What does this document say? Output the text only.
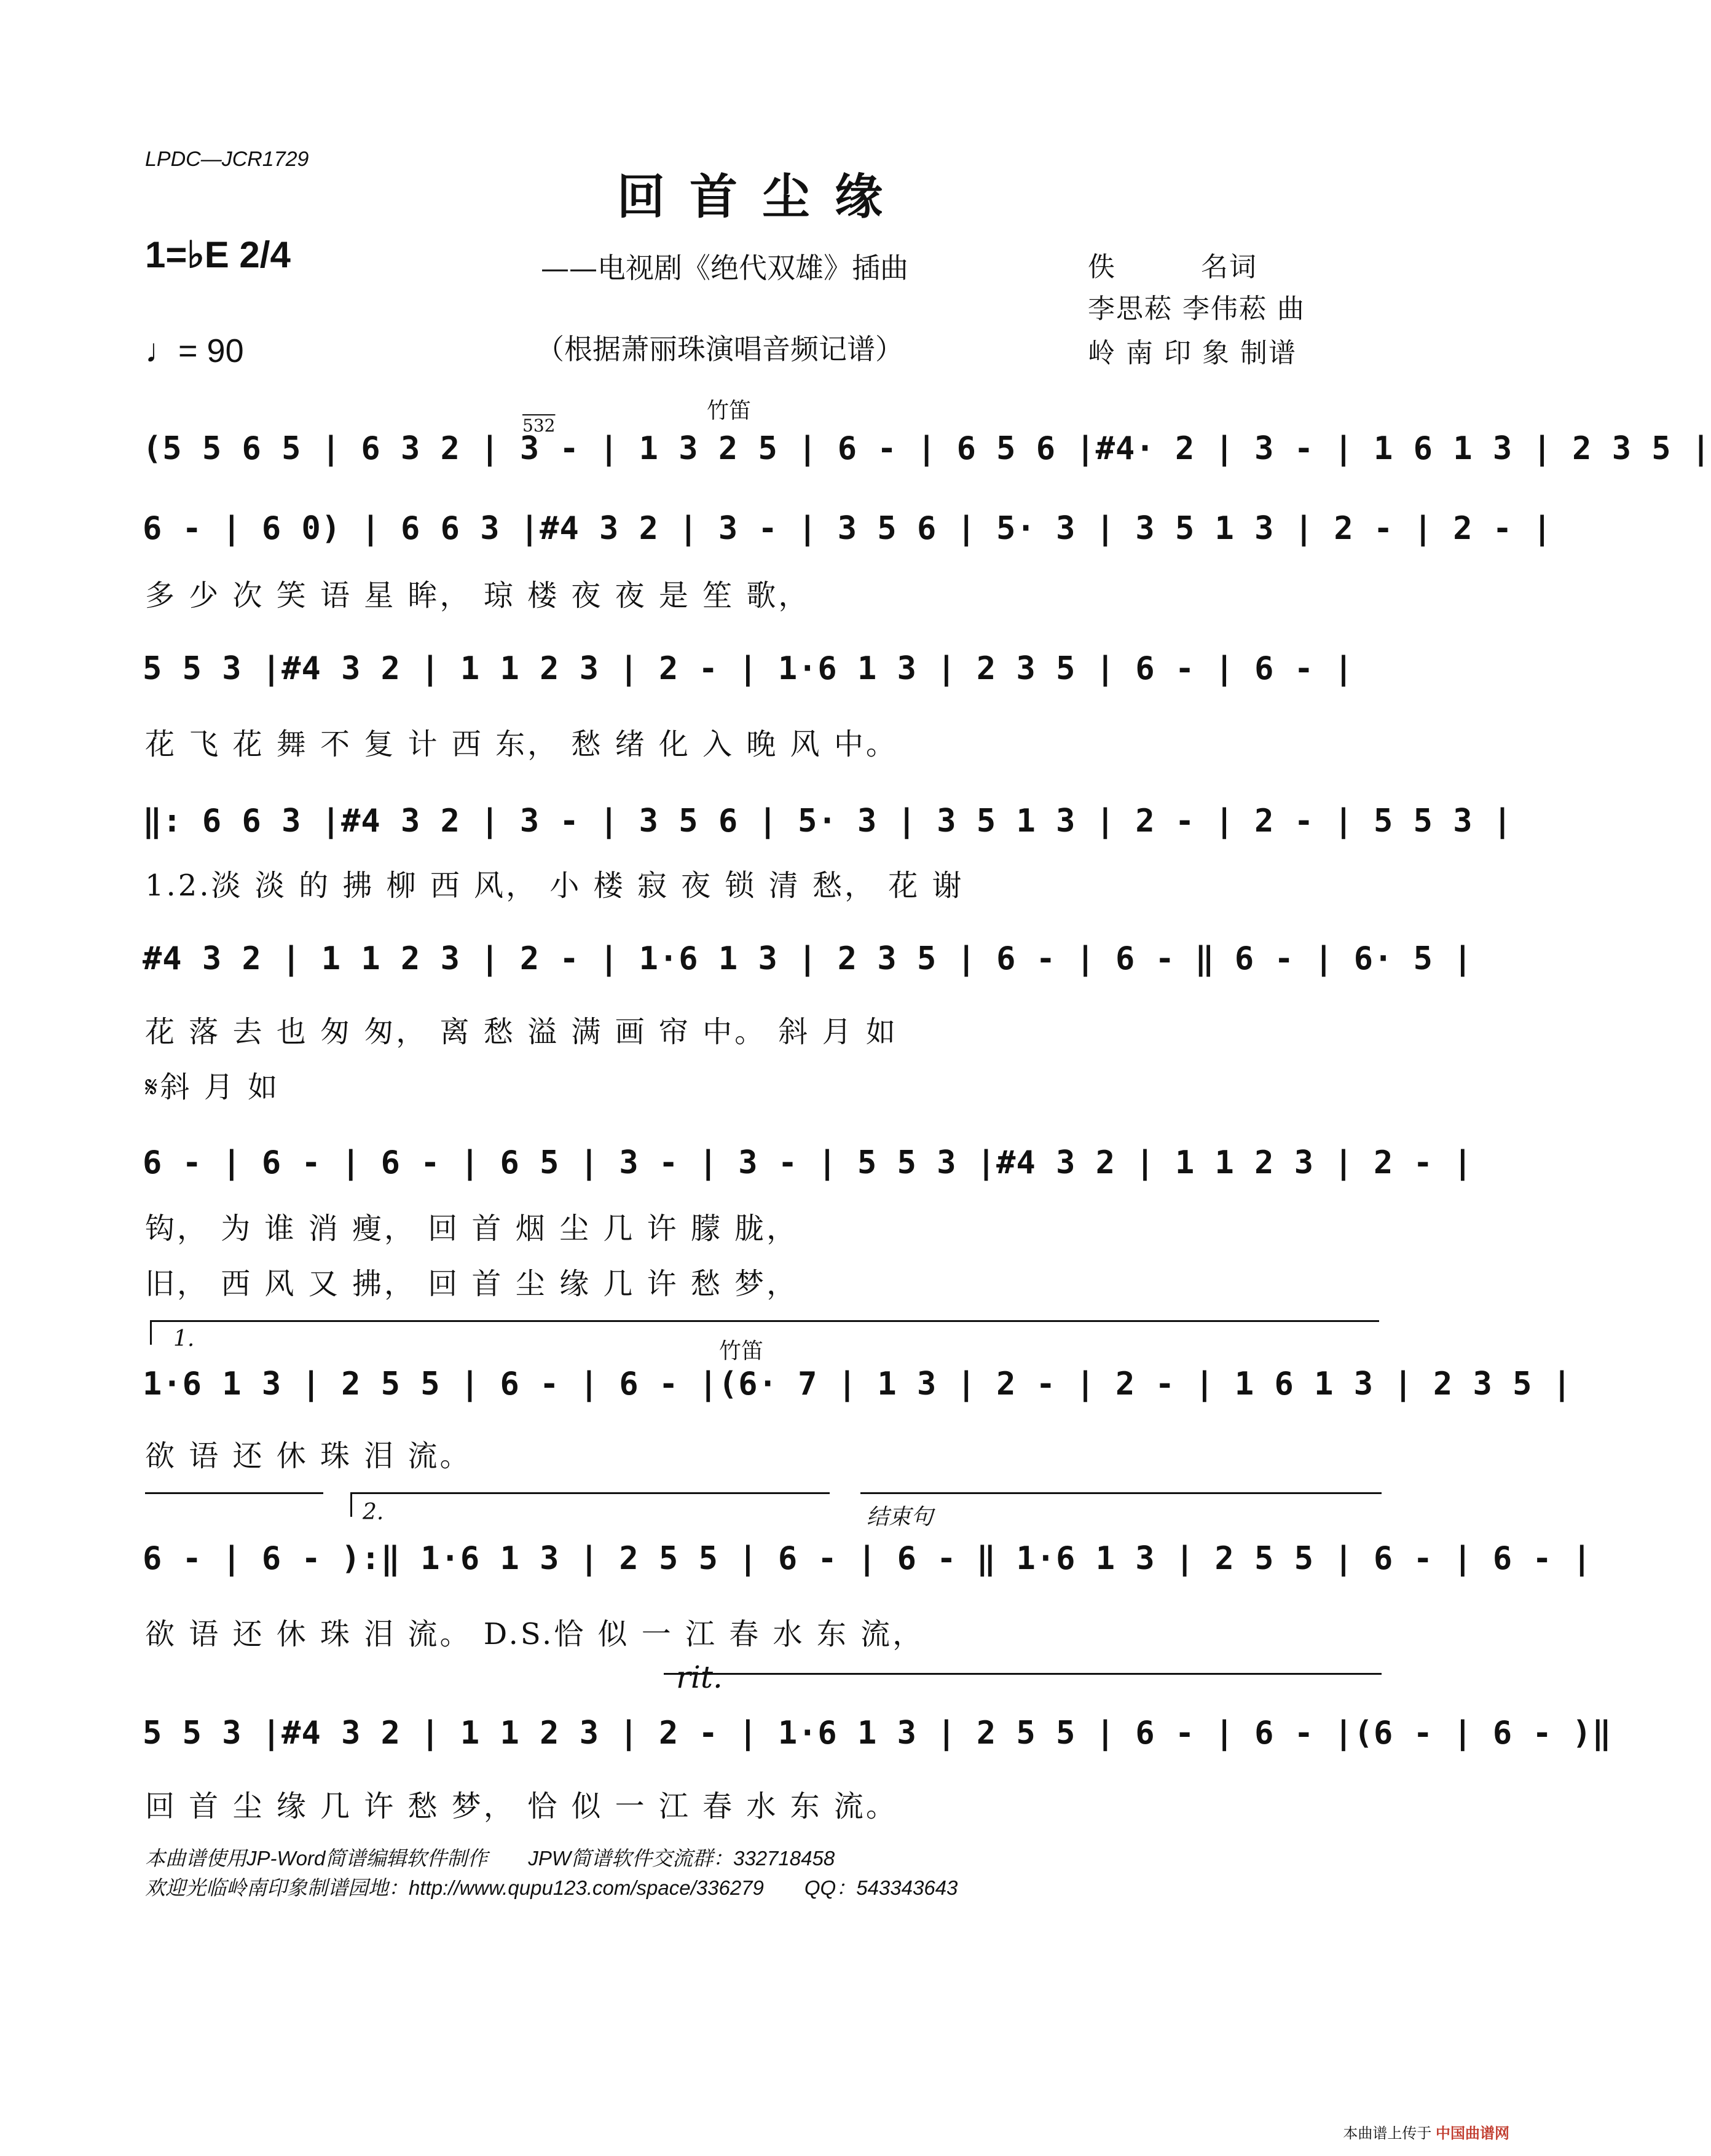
LPDC—JCR1729
回首尘缘
1=♭E 2/4
♩= 90
——电视剧《绝代双雄》插曲
（根据萧丽珠演唱音频记谱）
佚　　　名词
李思菘 李伟菘 曲
岭 南 印 象 制谱
竹笛
532
竹笛
1.
2.	结束句
rit.
(5 5 6 5 | 6 3 2 | 3 - | 1 3 2 5 | 6 - | 6 5 6 |#4· 2 | 3 - | 1 6 1 3 | 2 3 5 |
6 - | 6 0) | 6 6 3 |#4 3 2 | 3 - | 3 5 6 | 5· 3 | 3 5 1 3 | 2 - | 2 - |
多 少 次 笑 语 星 眸， 琼 楼 夜 夜 是 笙 歌，
5 5 3 |#4 3 2 | 1 1 2 3 | 2 - | 1·6 1 3 | 2 3 5 | 6 - | 6 - |
花 飞 花 舞 不 复 计 西 东， 愁 绪 化 入 晚 风 中。
‖: 6 6 3 |#4 3 2 | 3 - | 3 5 6 | 5· 3 | 3 5 1 3 | 2 - | 2 - | 5 5 3 |
1.2.淡 淡 的 拂 柳 西 风， 小 楼 寂 夜 锁 清 愁， 花 谢
#4 3 2 | 1 1 2 3 | 2 - | 1·6 1 3 | 2 3 5 | 6 - | 6 - ‖ 6 - | 6· 5 |
花 落 去 也 匆 匆， 离 愁 溢 满 画 帘 中。 斜 月 如
𝄋斜 月 如
6 - | 6 - | 6 - | 6 5 | 3 - | 3 - | 5 5 3 |#4 3 2 | 1 1 2 3 | 2 - |
钩， 为 谁 消 瘦， 回 首 烟 尘 几 许 朦 胧，
旧， 西 风 又 拂， 回 首 尘 缘 几 许 愁 梦，
1·6 1 3 | 2 5 5 | 6 - | 6 - |(6· 7 | 1 3 | 2 - | 2 - | 1 6 1 3 | 2 3 5 |
欲 语 还 休 珠 泪 流。
6 - | 6 - ):‖ 1·6 1 3 | 2 5 5 | 6 - | 6 - ‖ 1·6 1 3 | 2 5 5 | 6 - | 6 - |
欲 语 还 休 珠 泪 流。 D.S.恰 似 一 江 春 水 东 流，
5 5 3 |#4 3 2 | 1 1 2 3 | 2 - | 1·6 1 3 | 2 5 5 | 6 - | 6 - |(6 - | 6 - )‖
回 首 尘 缘 几 许 愁 梦， 恰 似 一 江 春 水 东 流。
本曲谱使用JP-Word简谱编辑软件制作　　JPW简谱软件交流群：332718458
欢迎光临岭南印象制谱园地：http://www.qupu123.com/space/336279　　QQ：543343643
本曲谱上传于 中国曲谱网
